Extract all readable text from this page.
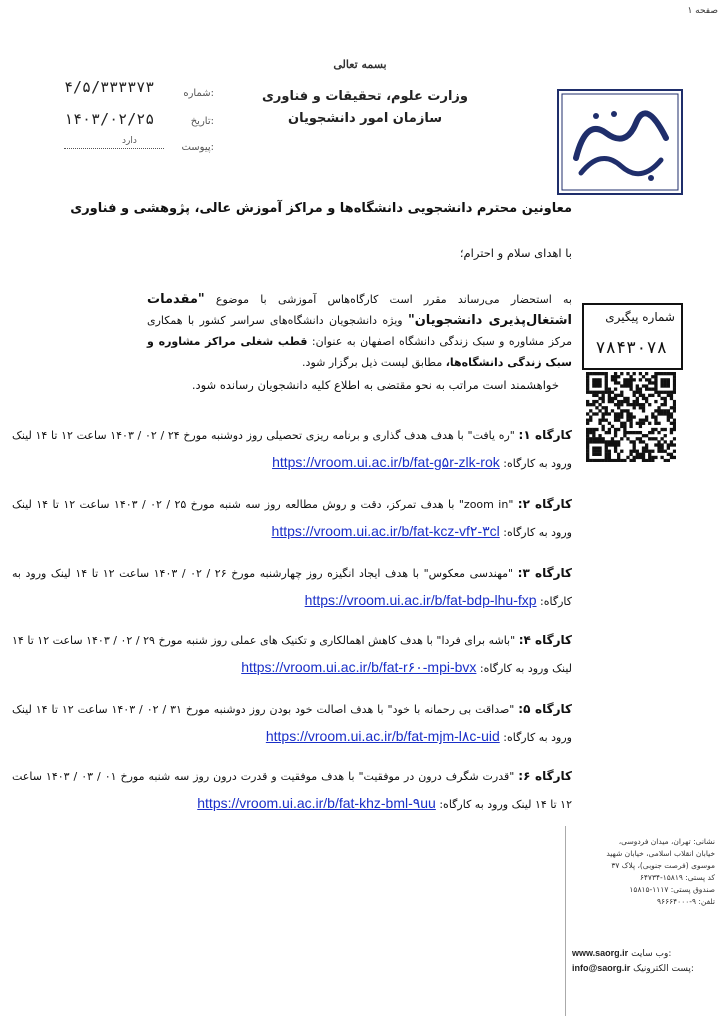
صفحه ۱
بسمه تعالی
وزارت علوم، تحقیقات و فناوری
سازمان امور دانشجویان
۴/۵/۳۳۳۳۷۳	شماره:
۱۴۰۳/۰۲/۲۵	تاریخ:
دارد
پیوست:
معاونین محترم دانشجویی دانشگاه‌ها و مراکز آموزش عالی، پژوهشی و فناوری
با اهدای سلام و احترام؛
به استحضار می‌رساند مقرر است کارگاه‌هاس آموزشی با موضوع "مقدمات اشتغال‌پذیری دانشجویان" ویژه دانشجویان دانشگاه‌های سراسر کشور با همکاری مرکز مشاوره و سبک زندگی دانشگاه اصفهان به عنوان: قطب شغلی مراکز مشاوره و سبک زندگی دانشگاه‌ها، مطابق لیست ذیل برگزار شود.
شماره پیگیری
۷۸۴۳۰۷۸
خواهشمند است مراتب به نحو مقتضی به اطلاع کلیه دانشجویان رسانده شود.
کارگاه ۱: "ره یافت" با هدف هدف گذاری و برنامه ریزی تحصیلی روز دوشنبه مورخ ۲۴ / ۰۲ / ۱۴۰۳ ساعت ۱۲ تا ۱۴ لینک ورود به کارگاه: https://vroom.ui.ac.ir/b/fat-g۵r-zlk-rok
کارگاه ۲: "zoom in" با هدف تمرکز، دقت و روش مطالعه روز سه شنبه مورخ ۲۵ / ۰۲ / ۱۴۰۳ ساعت ۱۲ تا ۱۴ لینک ورود به کارگاه: https://vroom.ui.ac.ir/b/fat-kcz-vf۲-۳cl
کارگاه ۳: "مهندسی معکوس" با هدف ایجاد انگیزه روز چهارشنبه مورخ ۲۶ / ۰۲ / ۱۴۰۳ ساعت ۱۲ تا ۱۴ لینک ورود به کارگاه: https://vroom.ui.ac.ir/b/fat-bdp-lhu-fxp
کارگاه ۴: "باشه برای فردا" با هدف کاهش اهمالکاری و تکنیک های عملی روز شنبه مورخ ۲۹ / ۰۲ / ۱۴۰۳ ساعت ۱۲ تا ۱۴ لینک ورود به کارگاه: https://vroom.ui.ac.ir/b/fat-r۶۰-mpi-bvx
کارگاه ۵: "صداقت بی رحمانه با خود" با هدف اصالت خود بودن روز دوشنبه مورخ ۳۱ / ۰۲ / ۱۴۰۳ ساعت ۱۲ تا ۱۴ لینک ورود به کارگاه: https://vroom.ui.ac.ir/b/fat-mjm-l۸c-uid
کارگاه ۶: "قدرت شگرف درون در موفقیت" با هدف موفقیت و قدرت درون روز سه شنبه مورخ ۰۱ / ۰۳ / ۱۴۰۳ ساعت ۱۲ تا ۱۴ لینک ورود به کارگاه: https://vroom.ui.ac.ir/b/fat-khz-bml-۹uu
نشانی: تهران، میدان فردوسی،
خیابان انقلاب اسلامی، خیابان شهید
موسوی (فرصت جنوبی)، پلاک ۳۷
کد پستی: ۱۵۸۱۹-۶۴۷۳۴
صندوق پستی: ۱۱۱۷-۱۵۸۱۵
تلفن: ۹-۹۶۶۶۴۰۰۰
www.saorg.ir وب سایت:
info@saorg.ir پست الکترونیک:
